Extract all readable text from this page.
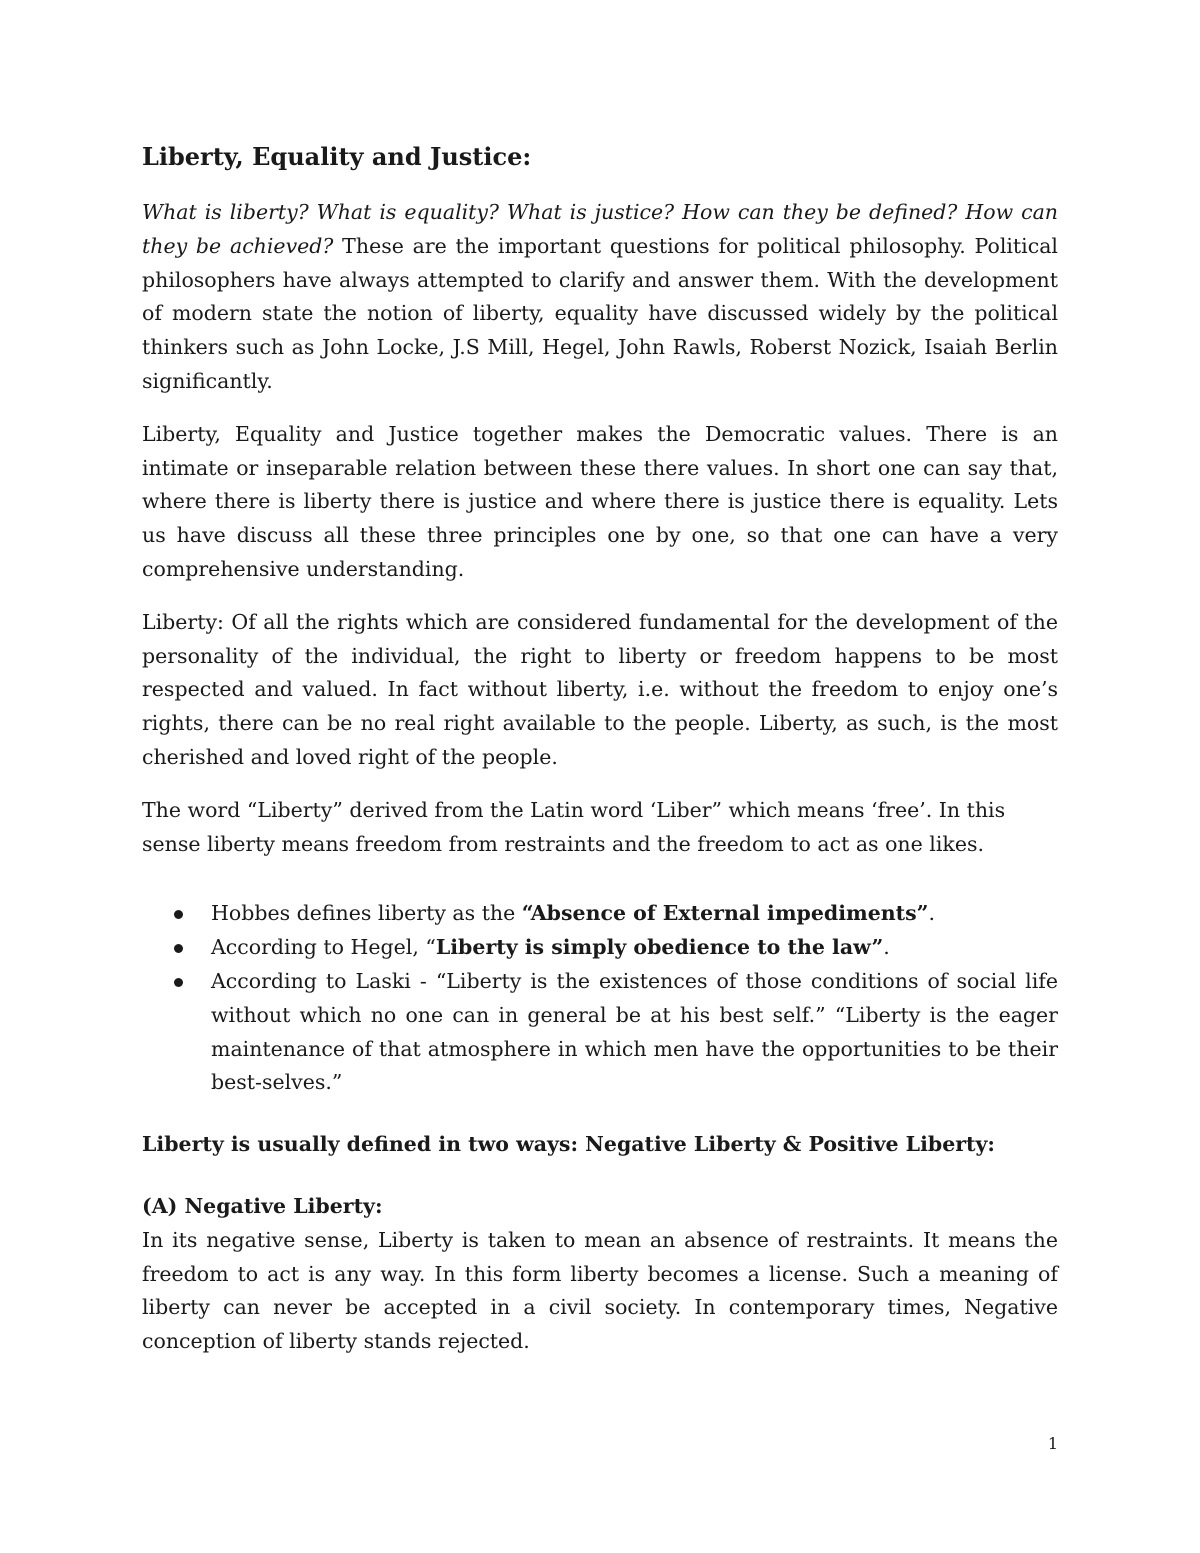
Liberty, Equality and Justice:

What is liberty? What is equality? What is justice? How can they be defined? How can they be achieved? These are the important questions for political philosophy. Political philosophers have always attempted to clarify and answer them. With the development of modern state the notion of liberty, equality have discussed widely by the political thinkers such as John Locke, J.S Mill, Hegel, John Rawls, Roberst Nozick, Isaiah Berlin significantly.

Liberty, Equality and Justice together makes the Democratic values. There is an intimate or inseparable relation between these there values. In short one can say that, where there is liberty there is justice and where there is justice there is equality. Lets us have discuss all these three principles one by one, so that one can have a very comprehensive understanding.

Liberty: Of all the rights which are considered fundamental for the development of the personality of the individual, the right to liberty or freedom happens to be most respected and valued. In fact without liberty, i.e. without the freedom to enjoy one’s rights, there can be no real right available to the people. Liberty, as such, is the most cherished and loved right of the people.

The word “Liberty” derived from the Latin word ‘Liber” which means ‘free’. In this sense liberty means freedom from restraints and the freedom to act as one likes.

Hobbes defines liberty as the “Absence of External impediments”.
According to Hegel, “Liberty is simply obedience to the law”.
According to Laski - “Liberty is the existences of those conditions of social life without which no one can in general be at his best self.” “Liberty is the eager maintenance of that atmosphere in which men have the opportunities to be their best-selves.”

Liberty is usually defined in two ways: Negative Liberty & Positive Liberty:

(A) Negative Liberty:

In its negative sense, Liberty is taken to mean an absence of restraints. It means the freedom to act is any way. In this form liberty becomes a license. Such a meaning of liberty can never be accepted in a civil society. In contemporary times, Negative conception of liberty stands rejected.

1
